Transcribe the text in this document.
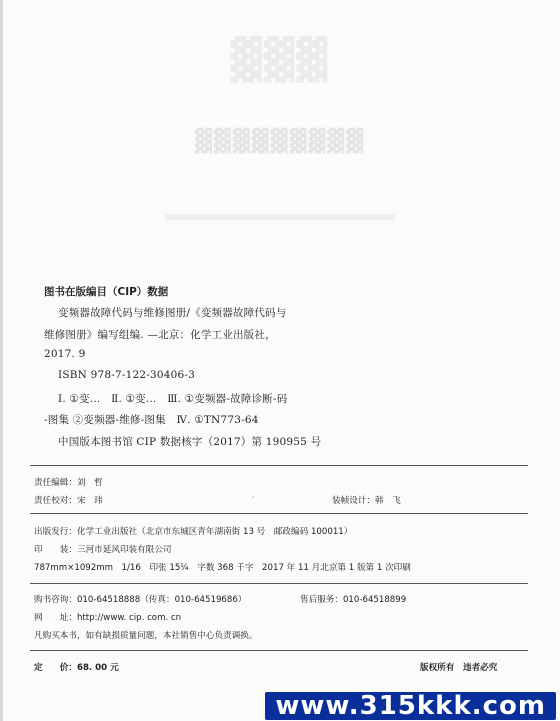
▓▓▓
▓▓▓▓▓▓▓▓▓
图书在版编目（CIP）数据
变频器故障代码与维修图册/《变频器故障代码与
维修图册》编写组编. —北京：化学工业出版社，
2017. 9
ISBN 978-7-122-30406-3
Ⅰ. ①变…　Ⅱ. ①变…　Ⅲ. ①变频器-故障诊断-码
-图集 ②变频器-维修-图集　Ⅳ. ①TN773-64
中国版本图书馆 CIP 数据核字（2017）第 190955 号
责任编辑：刘　哲
责任校对：宋　玮	·	装帧设计：韩　飞
出版发行：化学工业出版社（北京市东城区青年湖南街 13 号　邮政编码 100011）
印　　装：三河市延风印装有限公司
787mm×1092mm　1/16　印张 15¼　字数 368 千字　2017 年 11 月北京第 1 版第 1 次印刷
购书咨询：010-64518888（传真：010-64519686）	售后服务：010-64518899
网　　址：http://www. cip. com. cn
凡购买本书，如有缺损质量问题，本社销售中心负责调换。
定　　价：68. 00 元	版权所有　违者必究
www.315kkk.com
